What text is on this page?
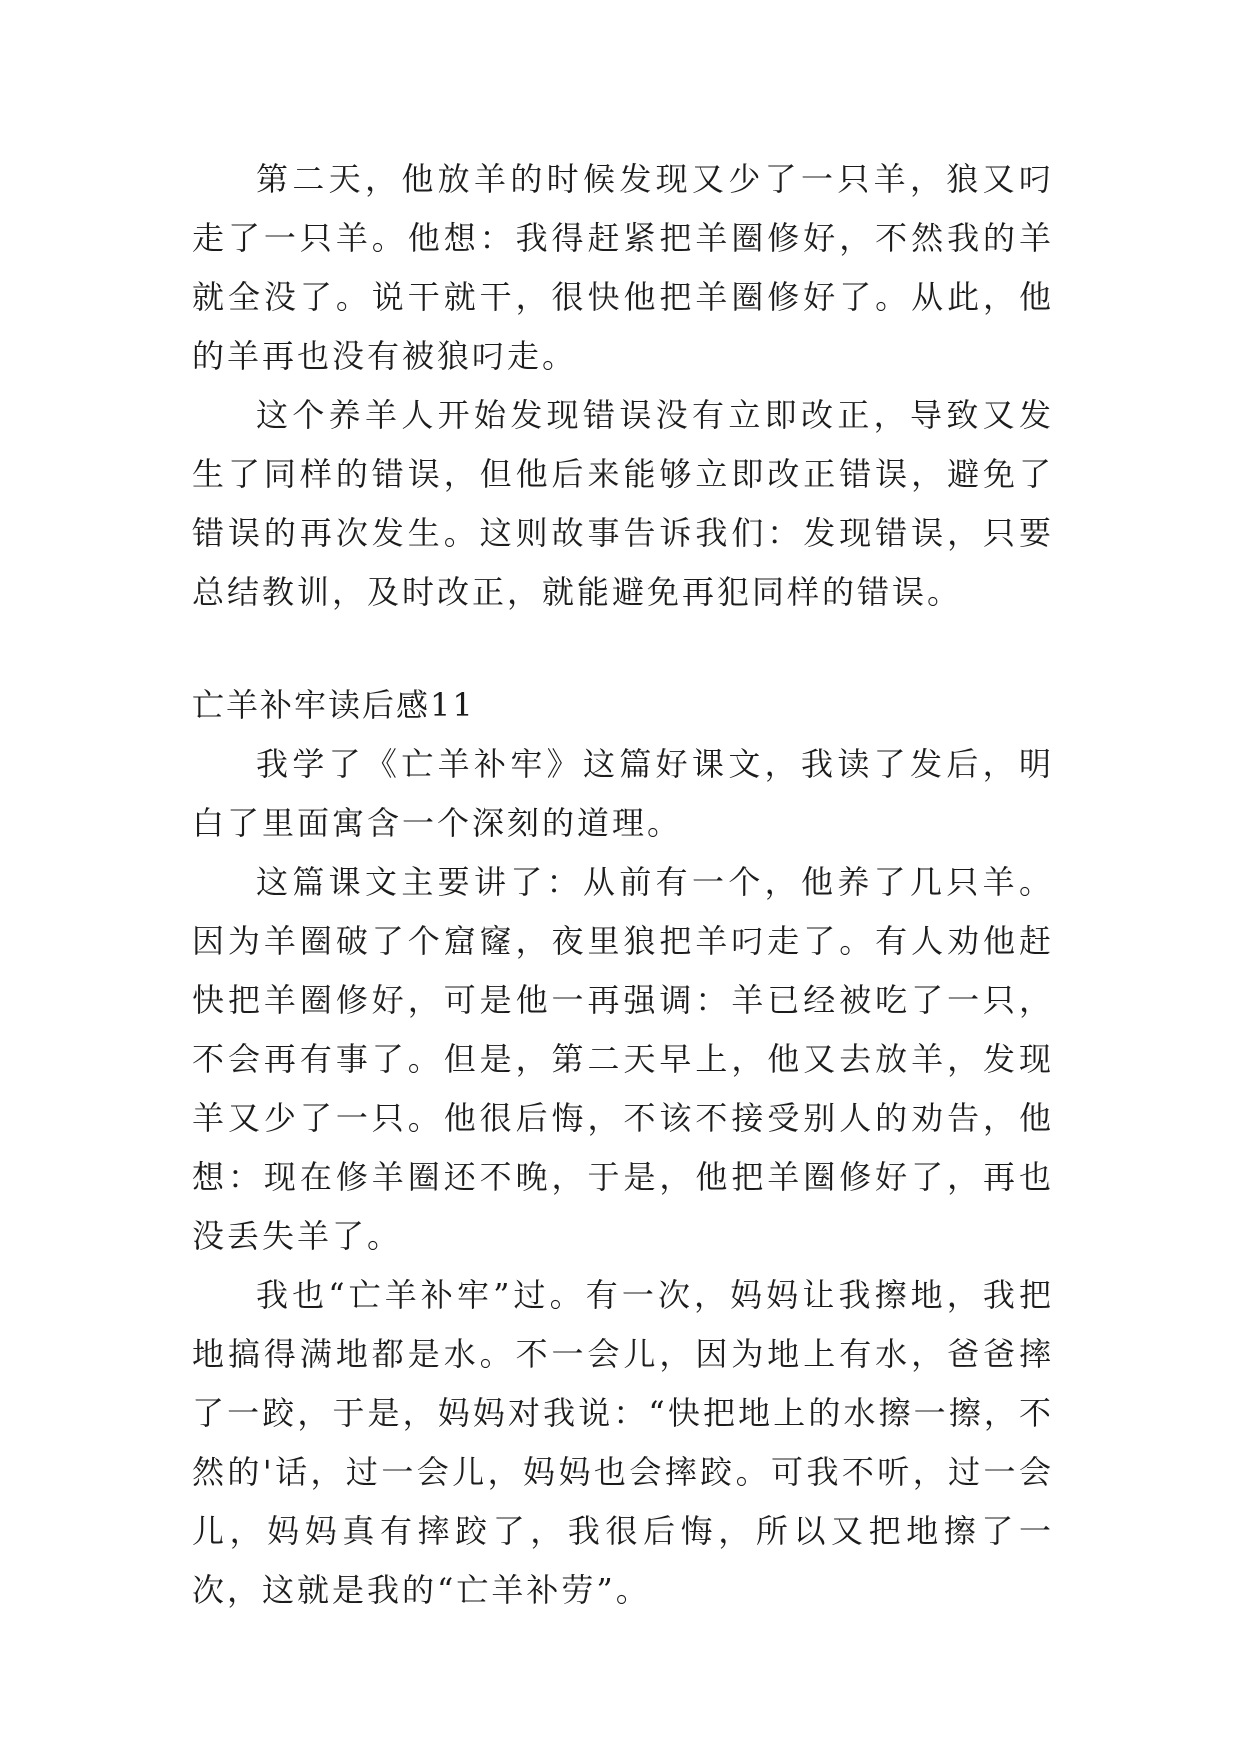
第二天，他放羊的时候发现又少了一只羊，狼又叼走了一只羊。他想：我得赶紧把羊圈修好，不然我的羊就全没了。说干就干，很快他把羊圈修好了。从此，他的羊再也没有被狼叼走。

这个养羊人开始发现错误没有立即改正，导致又发生了同样的错误，但他后来能够立即改正错误，避免了错误的再次发生。这则故事告诉我们：发现错误，只要总结教训，及时改正，就能避免再犯同样的错误。

亡羊补牢读后感11

我学了《亡羊补牢》这篇好课文，我读了发后，明白了里面寓含一个深刻的道理。

这篇课文主要讲了：从前有一个，他养了几只羊。因为羊圈破了个窟窿，夜里狼把羊叼走了。有人劝他赶快把羊圈修好，可是他一再强调：羊已经被吃了一只，不会再有事了。但是，第二天早上，他又去放羊，发现羊又少了一只。他很后悔，不该不接受别人的劝告，他想：现在修羊圈还不晚，于是，他把羊圈修好了，再也没丢失羊了。

我也“亡羊补牢”过。有一次，妈妈让我擦地，我把地搞得满地都是水。不一会儿，因为地上有水，爸爸摔了一跤，于是，妈妈对我说：“快把地上的水擦一擦，不然的'话，过一会儿，妈妈也会摔跤。可我不听，过一会儿，妈妈真有摔跤了，我很后悔，所以又把地擦了一次，这就是我的“亡羊补劳”。
